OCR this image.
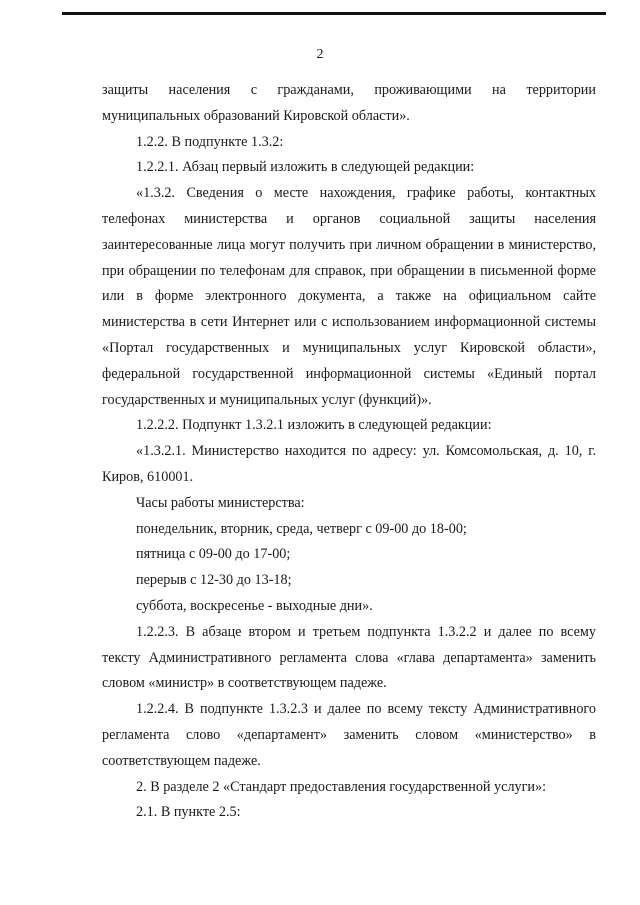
2

защиты населения с гражданами, проживающими на территории

муниципальных образований Кировской области».

1.2.2. В подпункте 1.3.2:

1.2.2.1. Абзац первый изложить в следующей редакции:

«1.3.2. Сведения о месте нахождения, графике работы, контактных телефонах министерства и органов социальной защиты населения заинтересованные лица могут получить при личном обращении в министерство, при обращении по телефонам для справок, при обращении в письменной форме или в форме электронного документа, а также на официальном сайте министерства в сети Интернет или с использованием информационной системы «Портал государственных и муниципальных услуг Кировской области», федеральной государственной информационной системы «Единый портал государственных и муниципальных услуг (функций)».

1.2.2.2. Подпункт 1.3.2.1 изложить в следующей редакции:

«1.3.2.1. Министерство находится по адресу: ул. Комсомольская, д. 10, г. Киров, 610001.

Часы работы министерства:

понедельник, вторник, среда, четверг с 09-00 до 18-00;

пятница с 09-00 до 17-00;

перерыв с 12-30 до 13-18;

суббота, воскресенье - выходные дни».

1.2.2.3. В абзаце втором и третьем подпункта 1.3.2.2 и далее по всему тексту Административного регламента слова «глава департамента» заменить словом «министр» в соответствующем падеже.

1.2.2.4. В подпункте 1.3.2.3 и далее по всему тексту Административного регламента слово «департамент» заменить словом «министерство» в соответствующем падеже.

2. В разделе 2 «Стандарт предоставления государственной услуги»:

2.1. В пункте 2.5:
